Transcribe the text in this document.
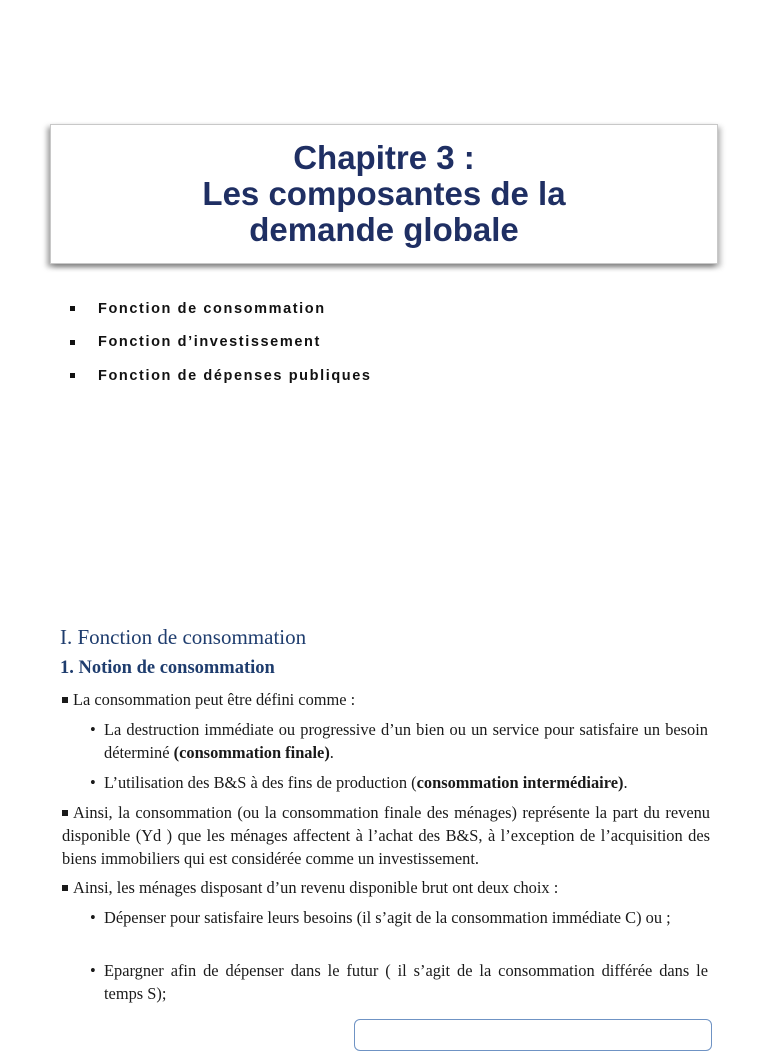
Chapitre 3 :
Les composantes de la
demande globale
Fonction de consommation
Fonction d’investissement
Fonction de dépenses publiques
I. Fonction de consommation
1. Notion de consommation
La consommation peut être défini comme :
• La destruction immédiate ou progressive d’un bien ou un service pour satisfaire un besoin déterminé (consommation finale).
• L’utilisation des B&S à des fins de production (consommation intermédiaire).
Ainsi, la consommation (ou la consommation finale des ménages) représente la part du revenu disponible (Yd ) que les ménages affectent à l’achat des B&S, à l’exception de l’acquisition des biens immobiliers qui est considérée comme un investissement.
Ainsi, les ménages disposant d’un revenu disponible brut ont deux choix :
• Dépenser pour satisfaire leurs besoins (il s’agit de la consommation immédiate C) ou ;
• Epargner afin de dépenser dans le futur ( il s’agit de la consommation différée dans le temps S);
